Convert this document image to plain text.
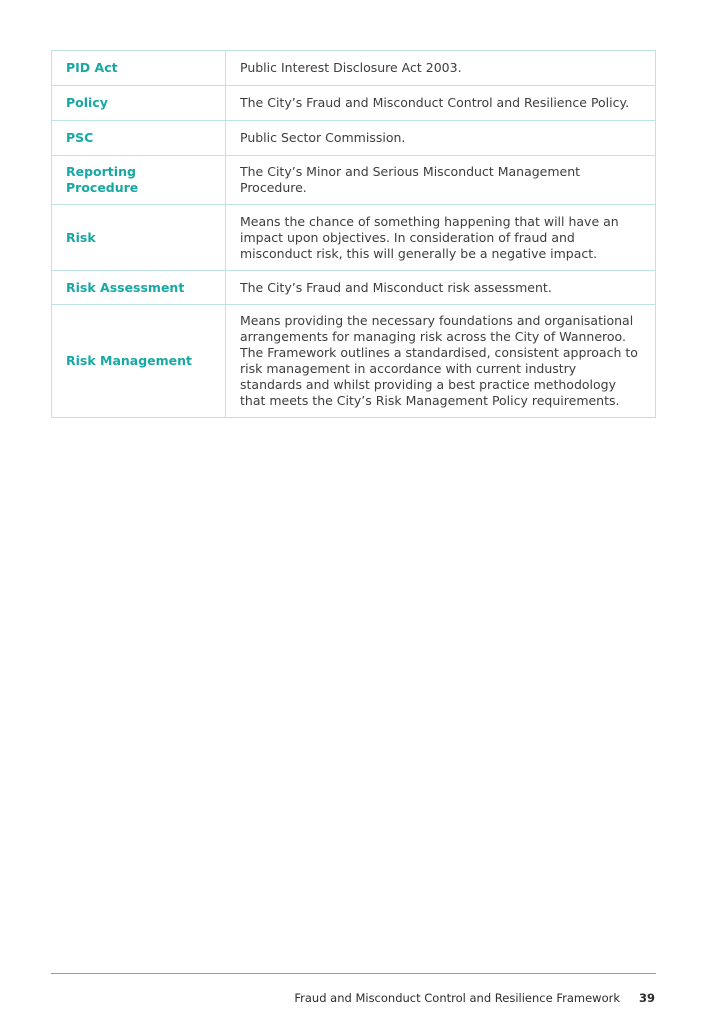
PID Act	Public Interest Disclosure Act 2003.
Policy	The City’s Fraud and Misconduct Control and Resilience Policy.
PSC	Public Sector Commission.
Reporting Procedure	The City’s Minor and Serious Misconduct Management Procedure.
Risk	Means the chance of something happening that will have an impact upon objectives. In consideration of fraud and misconduct risk, this will generally be a negative impact.
Risk Assessment	The City’s Fraud and Misconduct risk assessment.
Risk Management	Means providing the necessary foundations and organisational arrangements for managing risk across the City of Wanneroo. The Framework outlines a standardised, consistent approach to risk management in accordance with current industry standards and whilst providing a best practice methodology that meets the City’s Risk Management Policy requirements.
Fraud and Misconduct Control and Resilience Framework 39
